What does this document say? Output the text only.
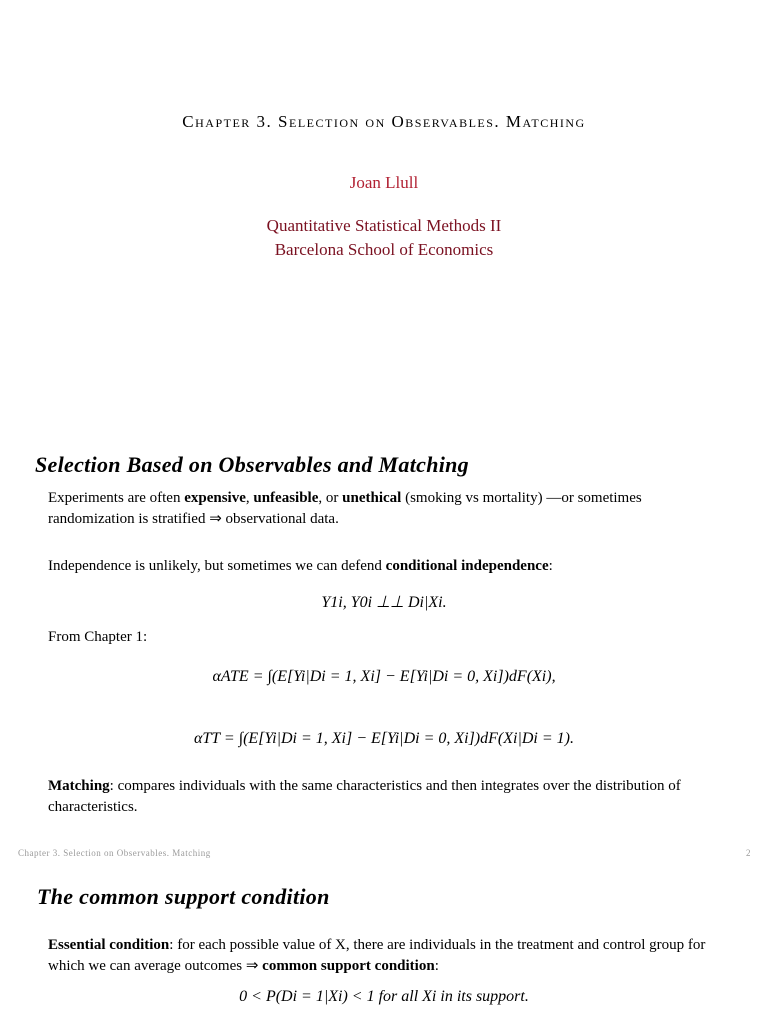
Chapter 3. Selection on Observables. Matching
Joan Llull
Quantitative Statistical Methods II
Barcelona School of Economics
Selection Based on Observables and Matching
Experiments are often expensive, unfeasible, or unethical (smoking vs mortality) —or sometimes randomization is stratified ⇒ observational data.
Independence is unlikely, but sometimes we can defend conditional independence:
Y1i, Y0i ⊥⊥ Di|Xi.
From Chapter 1:
αATE = ∫(E[Yi|Di = 1, Xi] − E[Yi|Di = 0, Xi])dF(Xi),
αTT = ∫(E[Yi|Di = 1, Xi] − E[Yi|Di = 0, Xi])dF(Xi|Di = 1).
Matching: compares individuals with the same characteristics and then integrates over the distribution of characteristics.
Chapter 3. Selection on Observables. Matching	2
The common support condition
Essential condition: for each possible value of X, there are individuals in the treatment and control group for which we can average outcomes ⇒ common support condition:
0 < P(Di = 1|Xi) < 1 for all Xi in its support.
